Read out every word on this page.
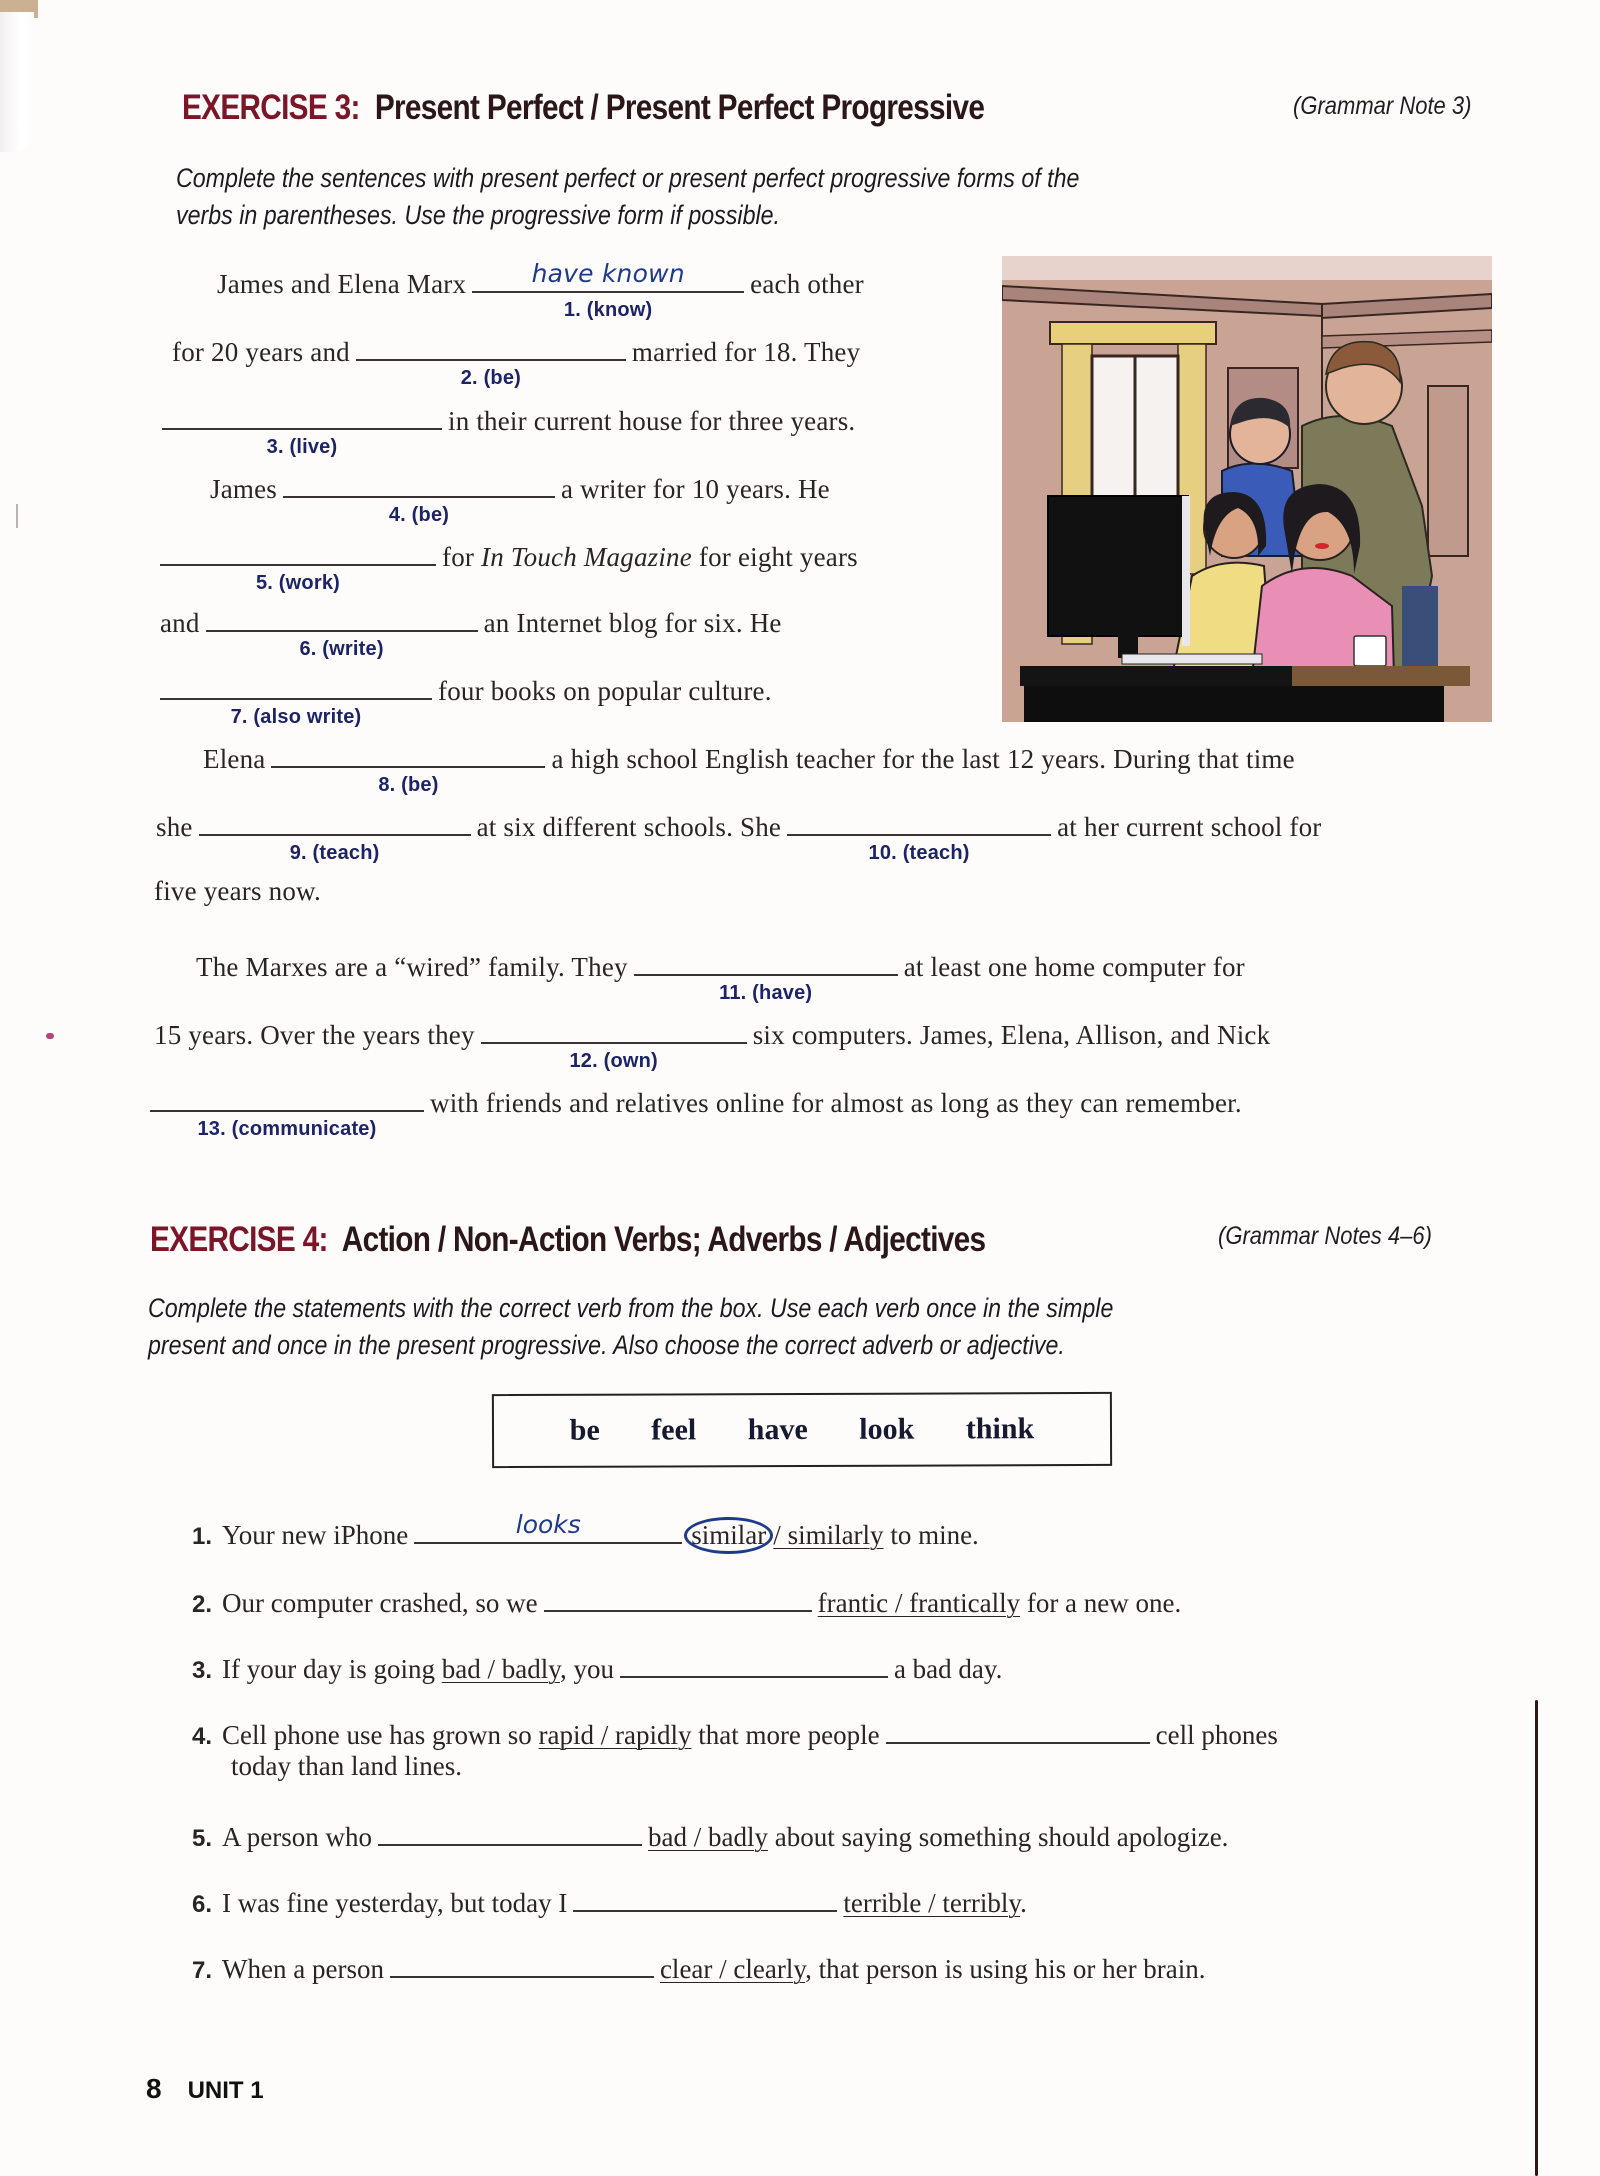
EXERCISE 3: Present Perfect / Present Perfect Progressive	(Grammar Note 3)
Complete the sentences with present perfect or present perfect progressive forms of the
verbs in parentheses. Use the progressive form if possible.
James and Elena Marx	have known
1. (know)
each other
for 20 years and
2. (be)
married for 18. They
3. (live)
in their current house for three years.
James
4. (be)
a writer for 10 years. He
5. (work)
for In Touch Magazine for eight years
and
6. (write)
an Internet blog for six. He
7. (also write)
four books on popular culture.
Elena
8. (be)
a high school English teacher for the last 12 years. During that time
she
9. (teach)
at six different schools. She
10. (teach)
at her current school for
five years now.
The Marxes are a “wired” family. They
11. (have)
at least one home computer for
15 years. Over the years they
12. (own)
six computers. James, Elena, Allison, and Nick
13. (communicate)
with friends and relatives online for almost as long as they can remember.
EXERCISE 4: Action / Non-Action Verbs; Adverbs / Adjectives	(Grammar Notes 4–6)
Complete the statements with the correct verb from the box. Use each verb once in the simple
present and once in the present progressive. Also choose the correct adverb or adjective.
be feel have look think
1. Your new iPhone	looks	similar / similarly to mine.
2. Our computer crashed, so we	frantic / frantically for a new one.
3. If your day is going bad / badly, you	a bad day.
4. Cell phone use has grown so rapid / rapidly that more people	cell phones
today than land lines.
5. A person who	bad / badly about saying something should apologize.
6. I was fine yesterday, but today I	terrible / terribly.
7. When a person	clear / clearly, that person is using his or her brain.
8 UNIT 1
